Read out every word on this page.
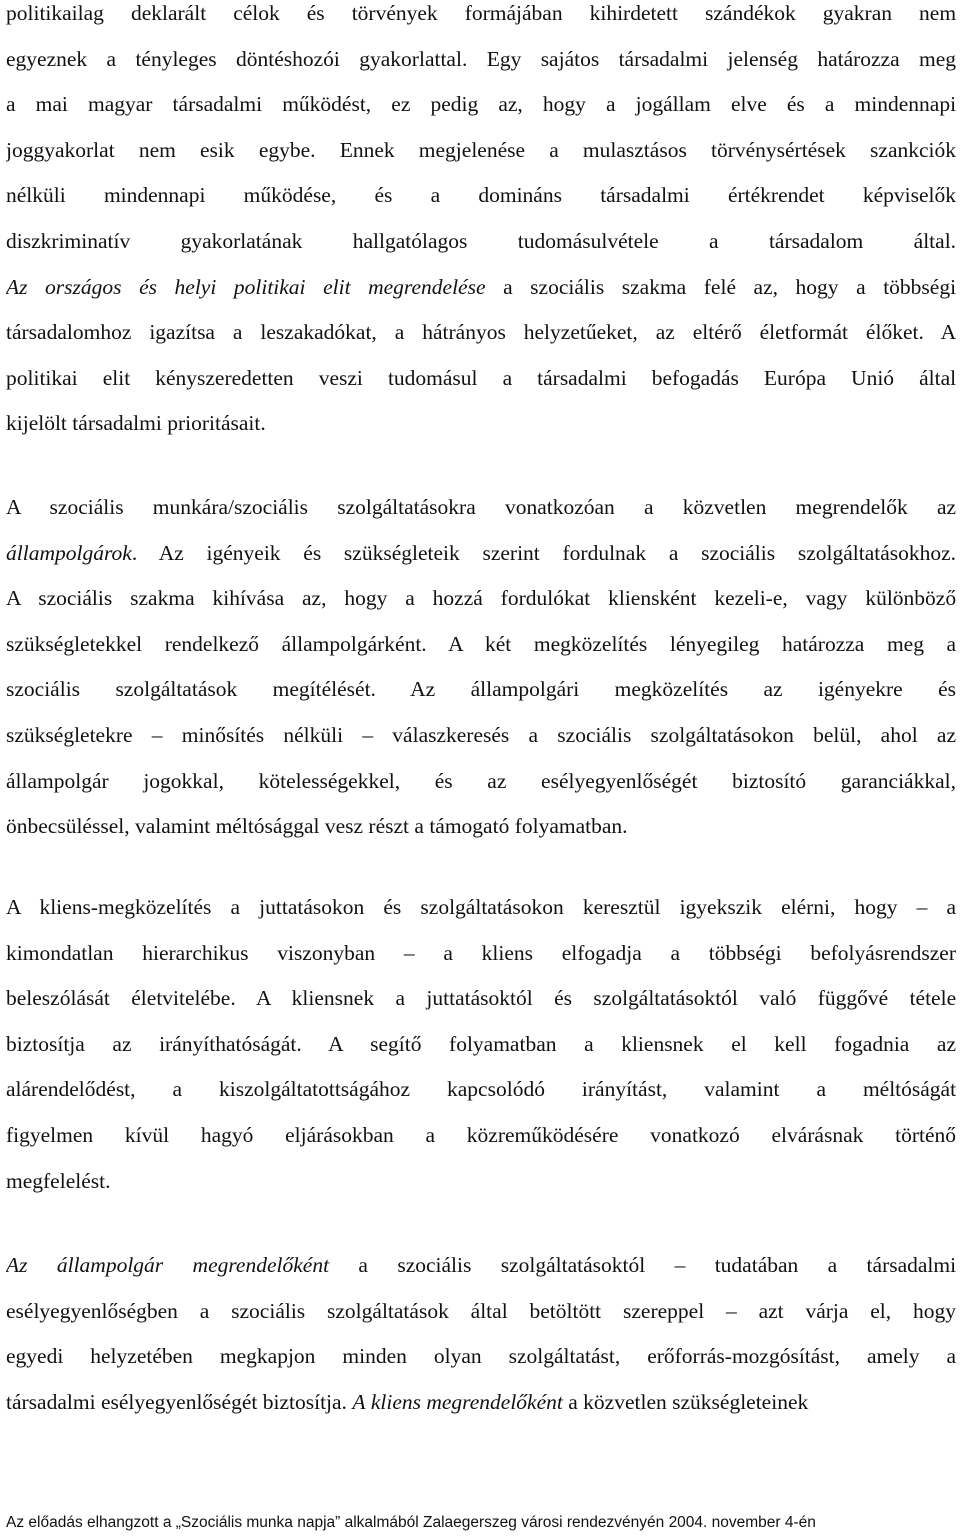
politikailag deklarált célok és törvények formájában kihirdetett szándékok gyakran nem
egyeznek a tényleges döntéshozói gyakorlattal. Egy sajátos társadalmi jelenség határozza meg
a mai magyar társadalmi működést, ez pedig az, hogy a jogállam elve és a mindennapi
joggyakorlat nem esik egybe. Ennek megjelenése a mulasztásos törvénysértések szankciók
nélküli mindennapi működése, és a domináns társadalmi értékrendet képviselők
diszkriminatív gyakorlatának hallgatólagos tudomásulvétele a társadalom által.
Az országos és helyi politikai elit megrendelése a szociális szakma felé az, hogy a többségi
társadalomhoz igazítsa a leszakadókat, a hátrányos helyzetűeket, az eltérő életformát élőket. A
politikai elit kényszeredetten veszi tudomásul a társadalmi befogadás Európa Unió által
kijelölt társadalmi prioritásait.
A szociális munkára/szociális szolgáltatásokra vonatkozóan a közvetlen megrendelők az
állampolgárok. Az igényeik és szükségleteik szerint fordulnak a szociális szolgáltatásokhoz.
A szociális szakma kihívása az, hogy a hozzá fordulókat kliensként kezeli-e, vagy különböző
szükségletekkel rendelkező állampolgárként. A két megközelítés lényegileg határozza meg a
szociális szolgáltatások megítélését. Az állampolgári megközelítés az igényekre és
szükségletekre – minősítés nélküli – válaszkeresés a szociális szolgáltatásokon belül, ahol az
állampolgár jogokkal, kötelességekkel, és az esélyegyenlőségét biztosító garanciákkal,
önbecsüléssel, valamint méltósággal vesz részt a támogató folyamatban.
A kliens-megközelítés a juttatásokon és szolgáltatásokon keresztül igyekszik elérni, hogy – a
kimondatlan hierarchikus viszonyban – a kliens elfogadja a többségi befolyásrendszer
beleszólását életvitelébe. A kliensnek a juttatásoktól és szolgáltatásoktól való függővé tétele
biztosítja az irányíthatóságát. A segítő folyamatban a kliensnek el kell fogadnia az
alárendelődést, a kiszolgáltatottságához kapcsolódó irányítást, valamint a méltóságát
figyelmen kívül hagyó eljárásokban a közreműködésére vonatkozó elvárásnak történő
megfelelést.
Az állampolgár megrendelőként a szociális szolgáltatásoktól – tudatában a társadalmi
esélyegyenlőségben a szociális szolgáltatások által betöltött szereppel – azt várja el, hogy
egyedi helyzetében megkapjon minden olyan szolgáltatást, erőforrás-mozgósítást, amely a
társadalmi esélyegyenlőségét biztosítja. A kliens megrendelőként a közvetlen szükségleteinek
Az előadás elhangzott a „Szociális munka napja” alkalmából Zalaegerszeg városi rendezvényén 2004. november 4-én
